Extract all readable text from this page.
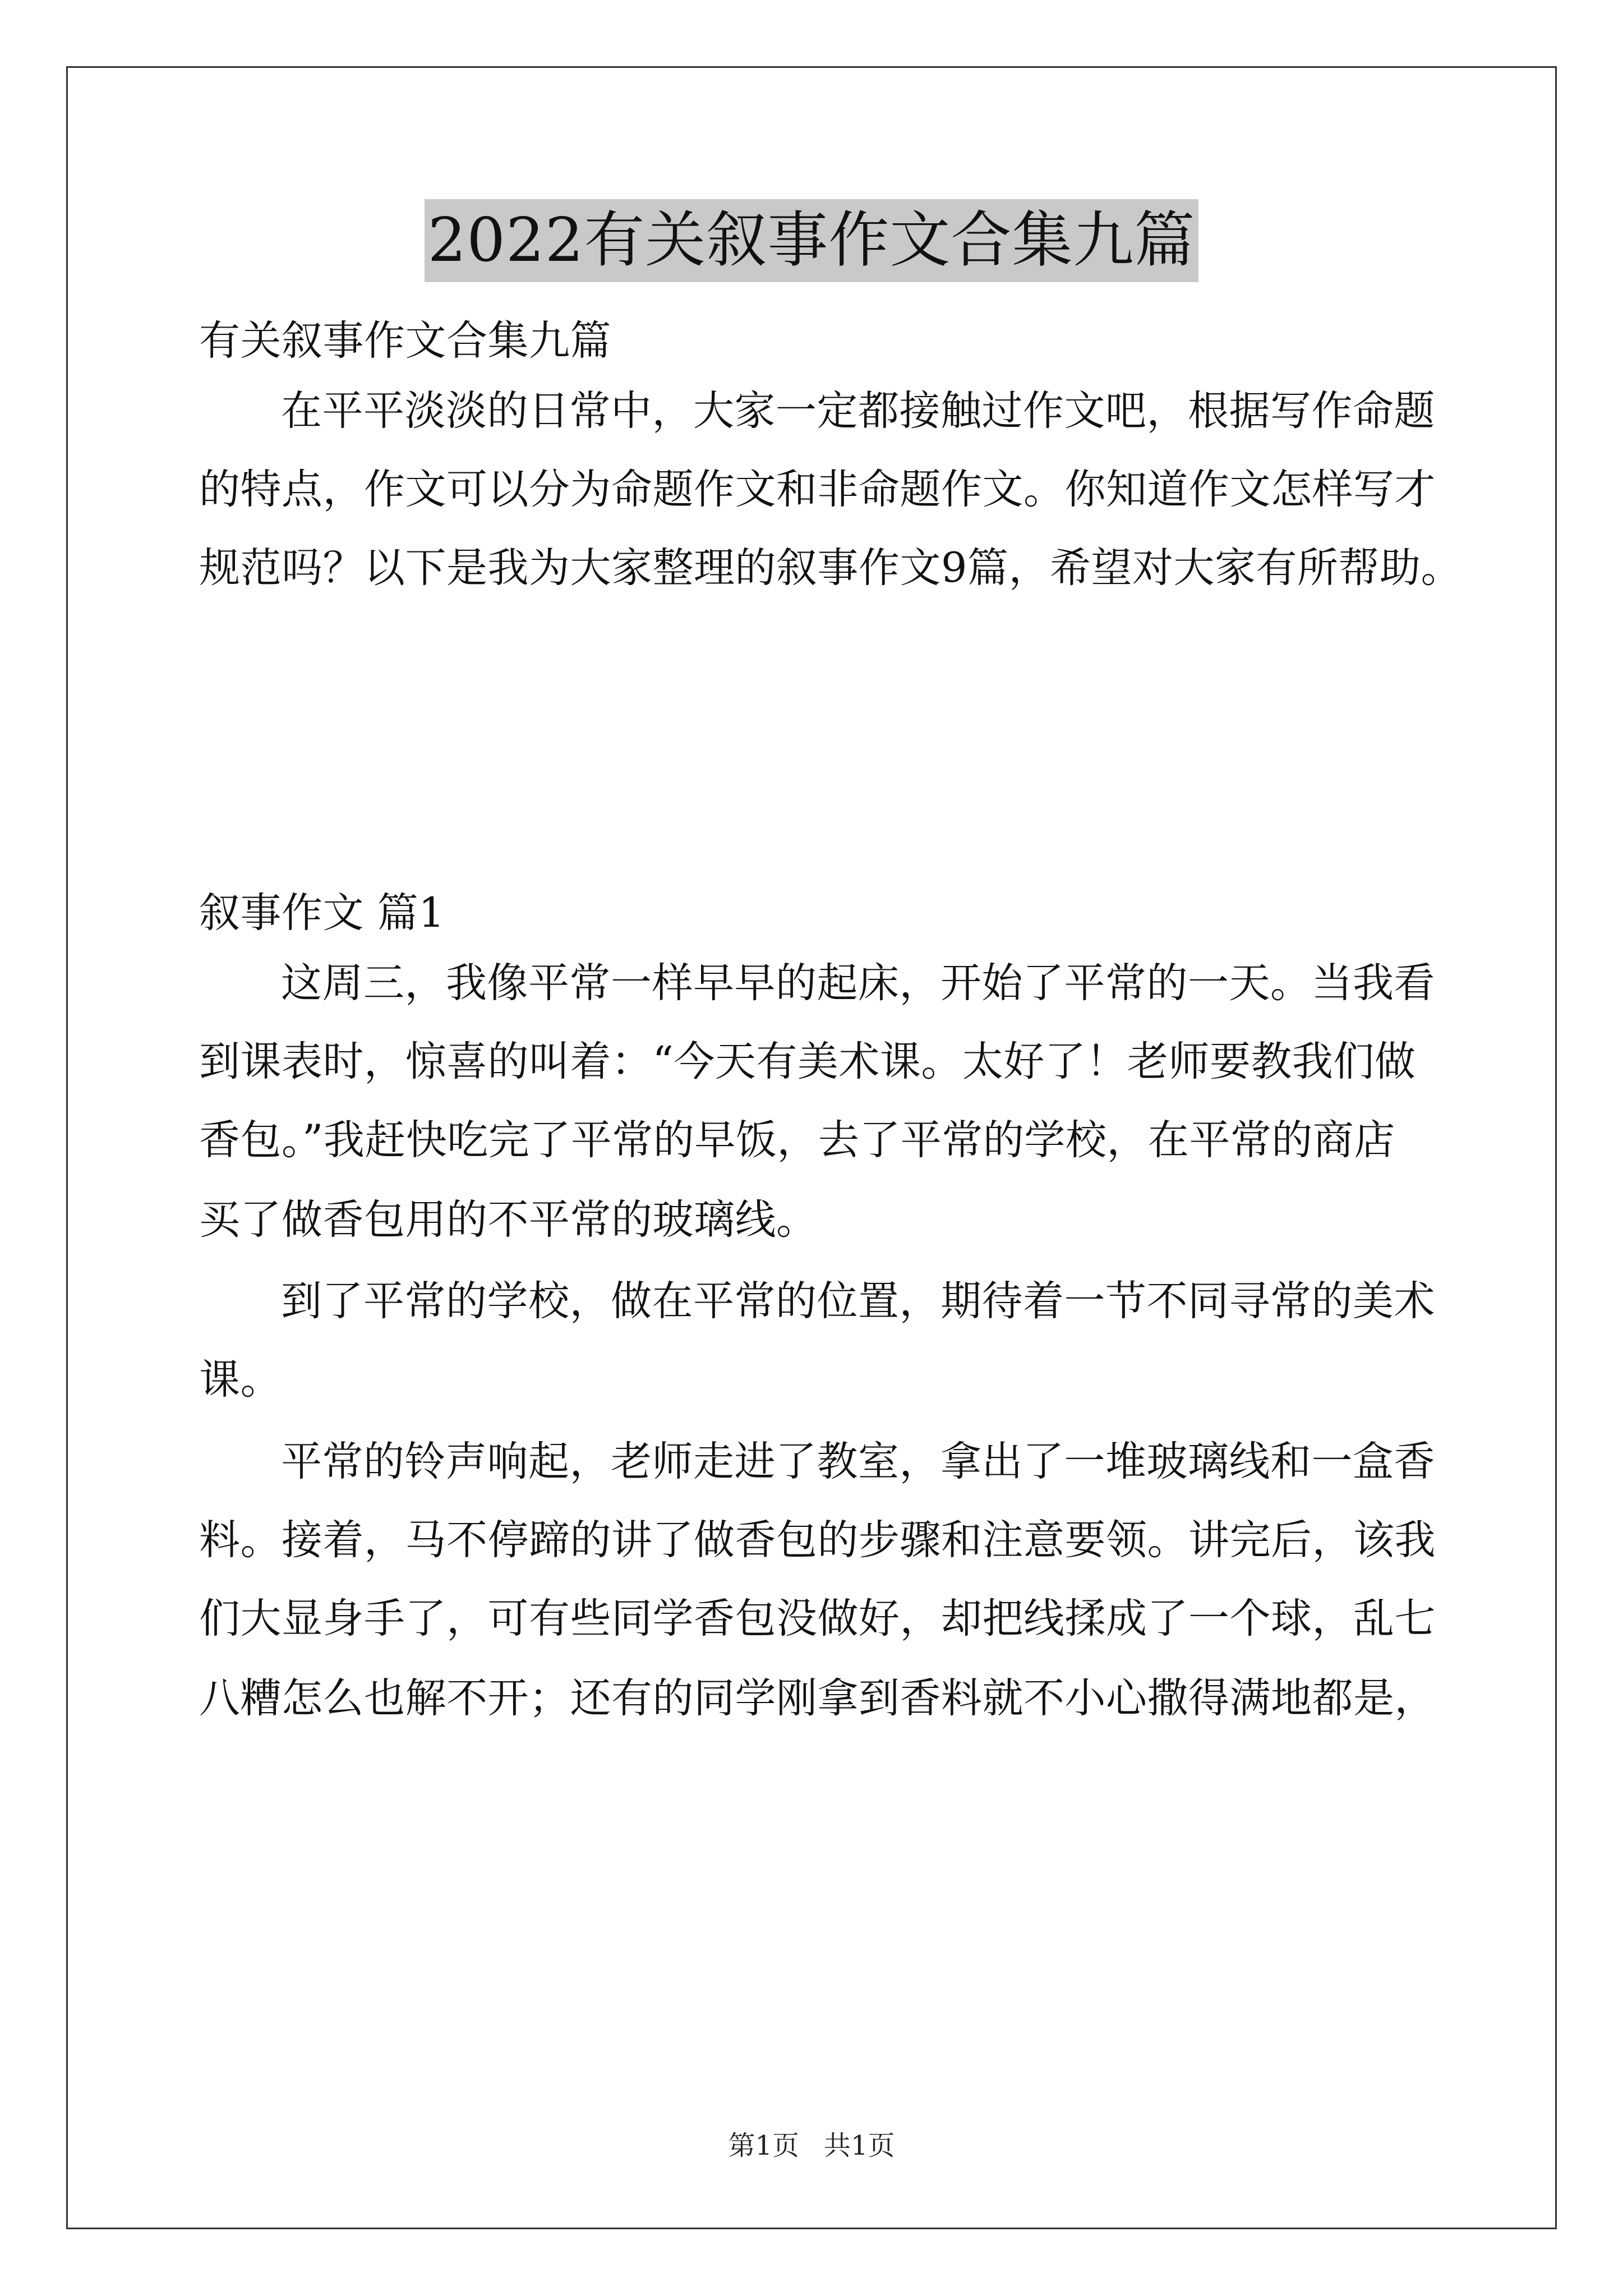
2022有关叙事作文合集九篇
有关叙事作文合集九篇
在平平淡淡的日常中，大家一定都接触过作文吧，根据写作命题
的特点，作文可以分为命题作文和非命题作文。你知道作文怎样写才
规范吗？以下是我为大家整理的叙事作文9篇，希望对大家有所帮助。
叙事作文 篇1
这周三，我像平常一样早早的起床，开始了平常的一天。当我看
到课表时，惊喜的叫着：“今天有美术课。太好了！老师要教我们做
香包。”我赶快吃完了平常的早饭，去了平常的学校，在平常的商店
买了做香包用的不平常的玻璃线。
到了平常的学校，做在平常的位置，期待着一节不同寻常的美术
课。
平常的铃声响起，老师走进了教室，拿出了一堆玻璃线和一盒香
料。接着，马不停蹄的讲了做香包的步骤和注意要领。讲完后，该我
们大显身手了，可有些同学香包没做好，却把线揉成了一个球，乱七
八糟怎么也解不开；还有的同学刚拿到香料就不小心撒得满地都是，
第1页 共1页
